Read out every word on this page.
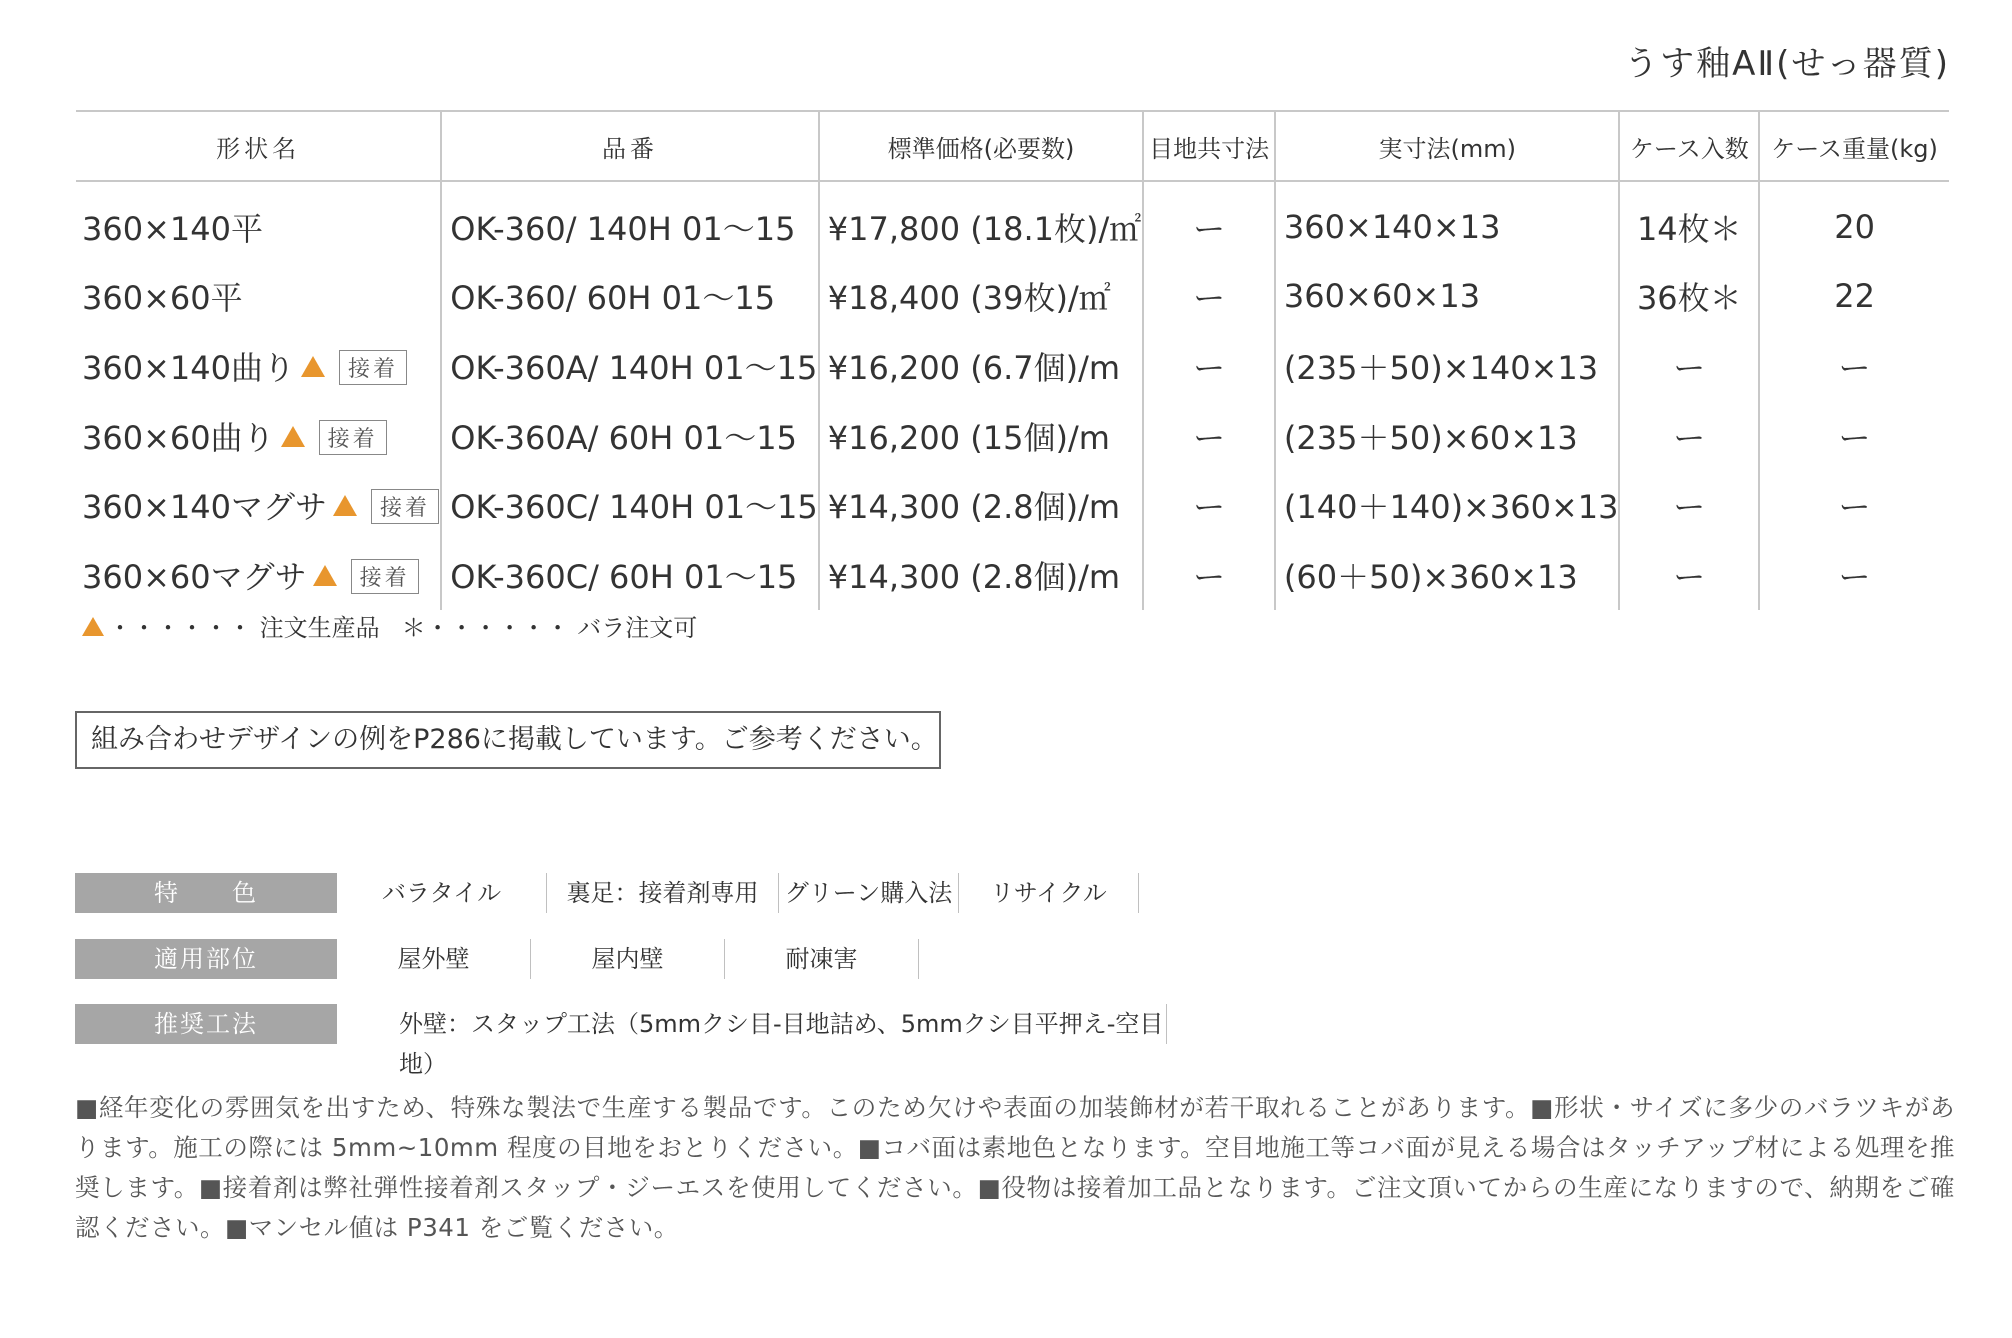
うす釉AⅡ(せっ器質)
形状名	品番	標準価格(必要数)	目地共寸法	実寸法(mm)	ケース入数	ケース重量(kg)
360×140平	OK-360/ 140H 01～15	¥17,800 (18.1枚)/㎡	ー	360×140×13	14枚＊	20
360×60平	OK-360/ 60H 01～15	¥18,400 (39枚)/㎡	ー	360×60×13	36枚＊	22
360×140曲り 接着	OK-360A/ 140H 01～15	¥16,200 (6.7個)/m	ー	(235＋50)×140×13	ー	ー
360×60曲り 接着	OK-360A/ 60H 01～15	¥16,200 (15個)/m	ー	(235＋50)×60×13	ー	ー
360×140マグサ 接着	OK-360C/ 140H 01～15	¥14,300 (2.8個)/m	ー	(140＋140)×360×13	ー	ー
360×60マグサ 接着	OK-360C/ 60H 01～15	¥14,300 (2.8個)/m	ー	(60＋50)×360×13	ー	ー
・・・・・・ 注文生産品 ＊・・・・・・ バラ注文可
組み合わせデザインの例をP286に掲載しています。ご参考ください。
特　　色	バラタイル	裏足：接着剤専用	グリーン購入法	リサイクル
適用部位	屋外壁	屋内壁	耐凍害
推奨工法	外壁：スタップ工法（5mmクシ目-目地詰め、5mmクシ目平押え-空目地）
■経年変化の雰囲気を出すため、特殊な製法で生産する製品です。このため欠けや表面の加装飾材が若干取れることがあります。■形状・サイズに多少のバラツキがあります。施工の際には 5mm~10mm 程度の目地をおとりください。■コバ面は素地色となります。空目地施工等コバ面が見える場合はタッチアップ材による処理を推奨します。■接着剤は弊社弾性接着剤スタップ・ジーエスを使用してください。■役物は接着加工品となります。ご注文頂いてからの生産になりますので、納期をご確認ください。■マンセル値は P341 をご覧ください。
